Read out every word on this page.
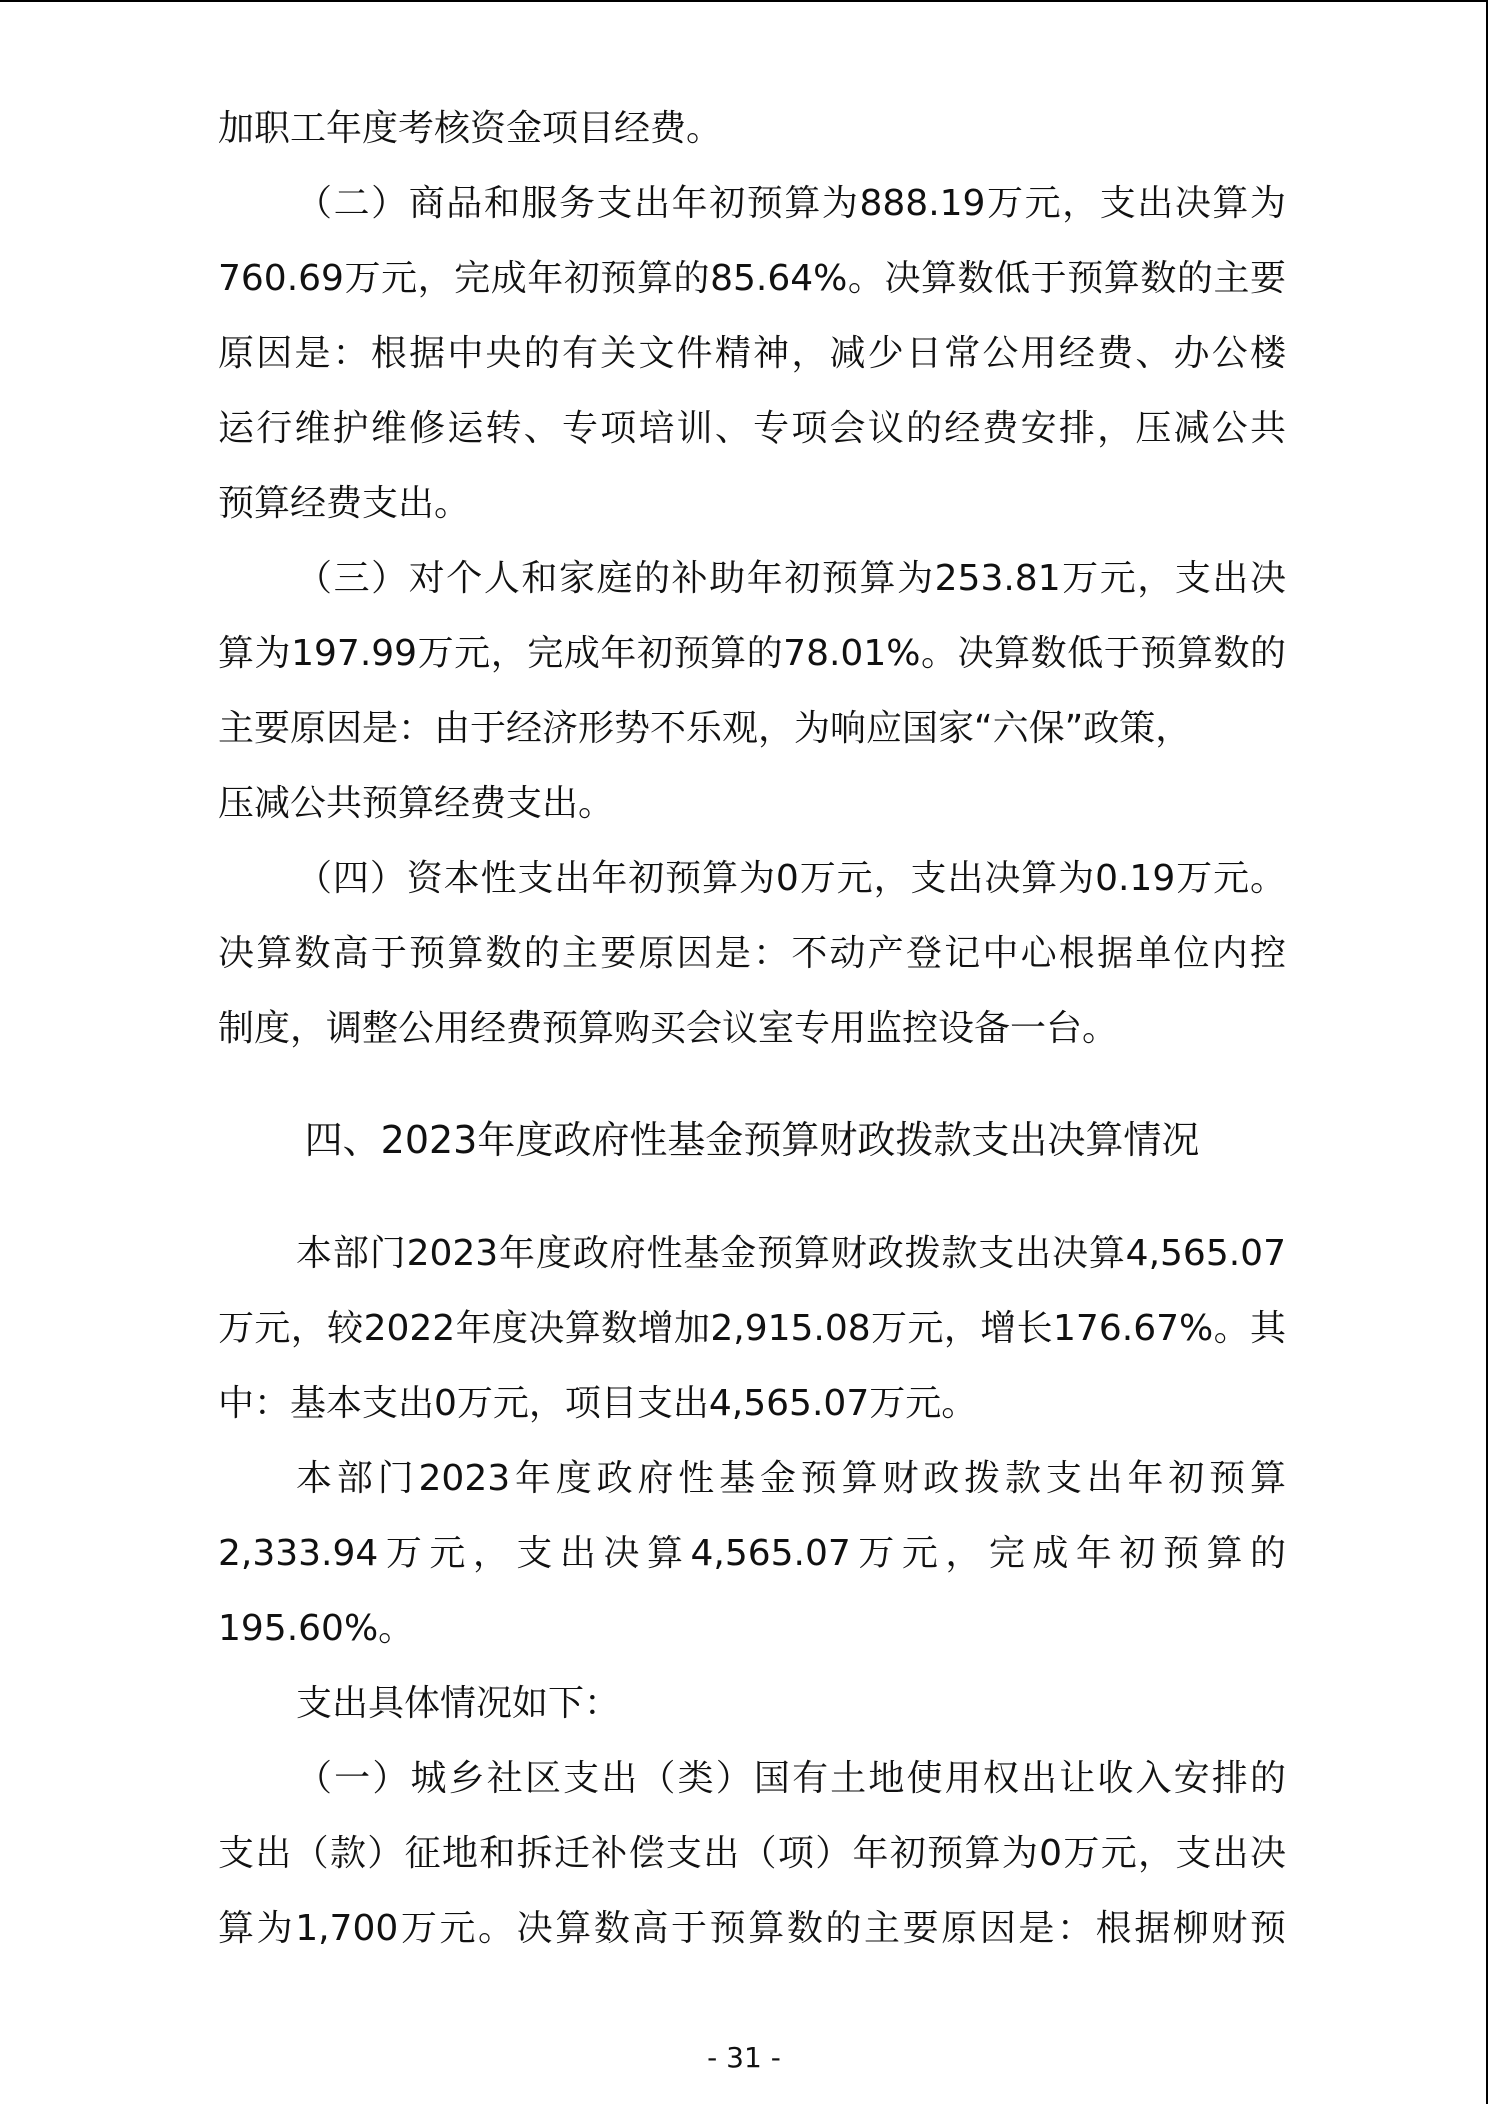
加职工年度考核资金项目经费。
（二）商品和服务支出年初预算为888.19万元，支出决算为
760.69万元，完成年初预算的85.64%。决算数低于预算数的主要
原因是：根据中央的有关文件精神，减少日常公用经费、办公楼
运行维护维修运转、专项培训、专项会议的经费安排，压减公共
预算经费支出。
（三）对个人和家庭的补助年初预算为253.81万元，支出决
算为197.99万元，完成年初预算的78.01%。决算数低于预算数的
主要原因是：由于经济形势不乐观，为响应国家“六保”政策，
压减公共预算经费支出。
（四）资本性支出年初预算为0万元，支出决算为0.19万元。
决算数高于预算数的主要原因是：不动产登记中心根据单位内控
制度，调整公用经费预算购买会议室专用监控设备一台。
四、2023年度政府性基金预算财政拨款支出决算情况
本部门2023年度政府性基金预算财政拨款支出决算4,565.07
万元，较2022年度决算数增加2,915.08万元，增长176.67%。其
中：基本支出0万元，项目支出4,565.07万元。
本部门2023年度政府性基金预算财政拨款支出年初预算
2,333.94万元，支出决算4,565.07万元，完成年初预算的
195.60%。
支出具体情况如下：
（一）城乡社区支出（类）国有土地使用权出让收入安排的
支出（款）征地和拆迁补偿支出（项）年初预算为0万元，支出决
算为1,700万元。决算数高于预算数的主要原因是：根据柳财预
- 31 -
